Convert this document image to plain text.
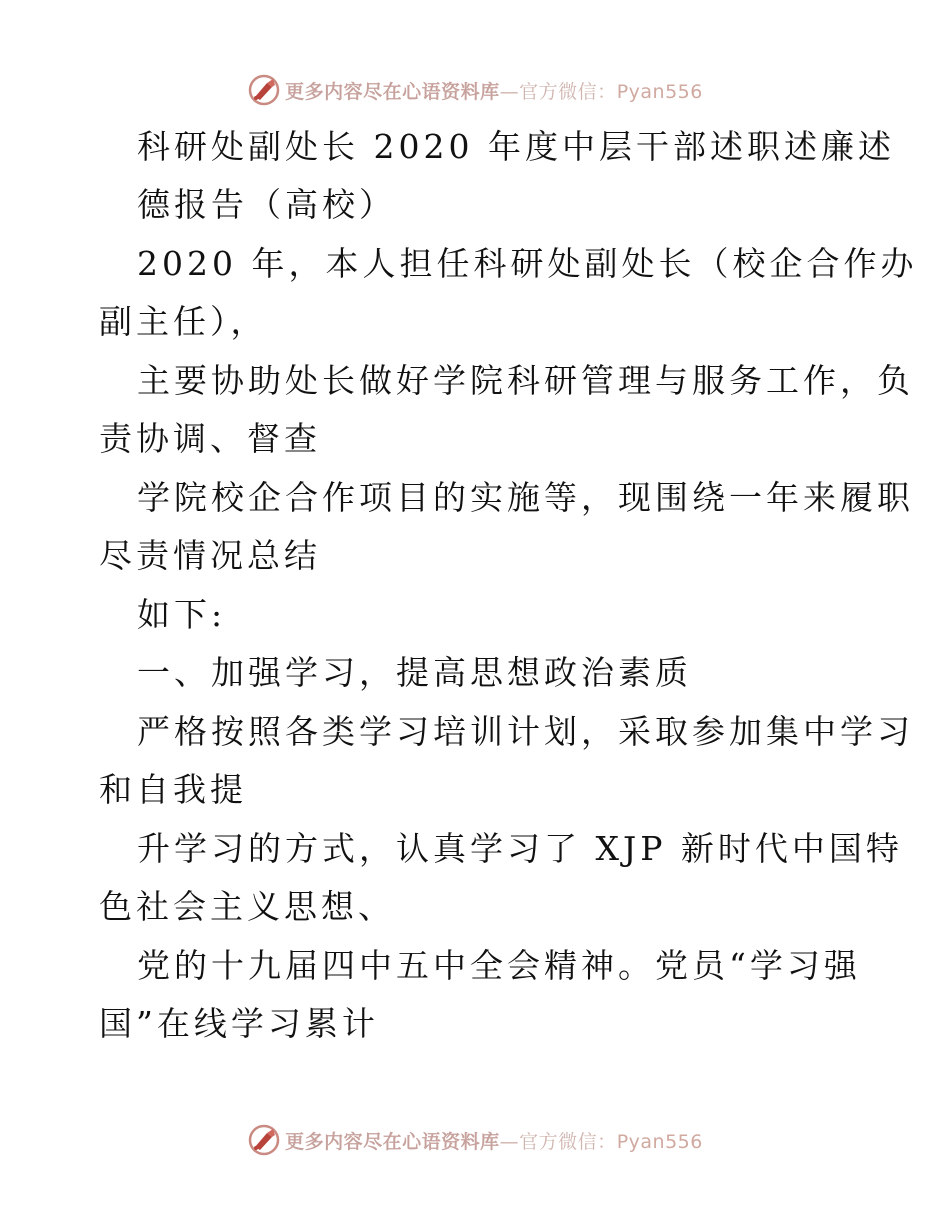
更多内容尽在心语资料库—官方微信：Pyan556
科研处副处长 2020 年度中层干部述职述廉述
德报告（高校）
2020 年，本人担任科研处副处长（校企合作办
副主任），
主要协助处长做好学院科研管理与服务工作，负
责协调、督查
学院校企合作项目的实施等，现围绕一年来履职
尽责情况总结
如下:
一、加强学习，提高思想政治素质
严格按照各类学习培训计划，采取参加集中学习
和自我提
升学习的方式，认真学习了 XJP 新时代中国特
色社会主义思想、
党的十九届四中五中全会精神。党员“学习强
国”在线学习累计
更多内容尽在心语资料库—官方微信：Pyan556
